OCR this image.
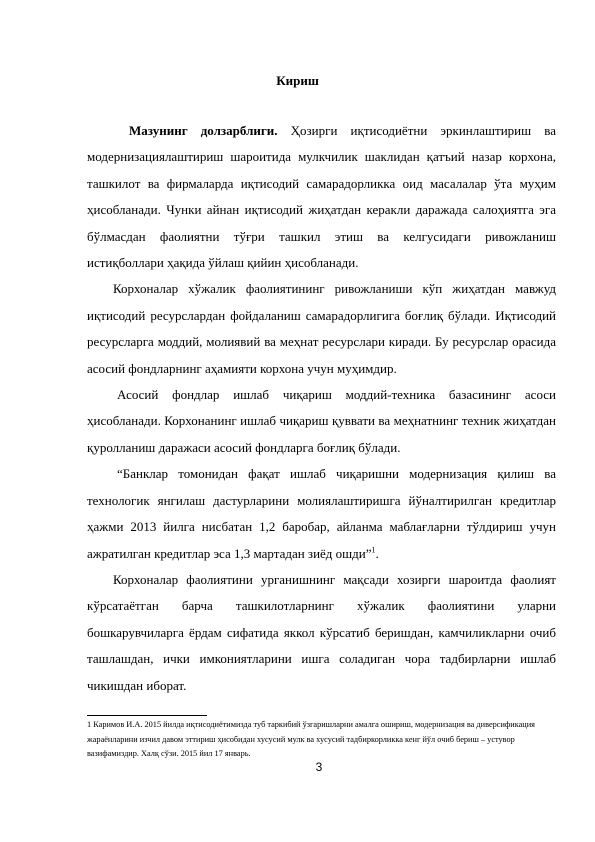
Кириш

Мазунинг долзарблиги. Ҳозирги иқтисодиётни эркинлаштириш ва модернизациялаштириш шароитида мулкчилик шаклидан қатъий назар корхона, ташкилот ва фирмаларда иқтисодий самарадорликка оид масалалар ўта муҳим ҳисобланади. Чунки айнан иқтисодий жиҳатдан керакли даражада салоҳиятга эга бўлмасдан фаолиятни тўғри ташкил этиш ва келгусидаги ривожланиш истиқболлари ҳақида ўйлаш қийин ҳисобланади.

Корхоналар хўжалик фаолиятининг ривожланиши кўп жиҳатдан мавжуд иқтисодий ресурслардан фойдаланиш самарадорлигига боғлиқ бўлади. Иқтисодий ресурсларга моддий, молиявий ва меҳнат ресурслари киради. Бу ресурслар орасида асосий фондларнинг аҳамияти корхона учун муҳимдир.

Асосий фондлар ишлаб чиқариш моддий-техника базасининг асоси ҳисобланади. Корхонанинг ишлаб чиқариш қуввати ва меҳнатнинг техник жиҳатдан қуролланиш даражаси асосий фондларга боғлиқ бўлади.

“Банклар томонидан фақат ишлаб чиқаришни модернизация қилиш ва технологик янгилаш дастурларини молиялаштиришга йўналтирилган кредитлар ҳажми 2013 йилга нисбатан 1,2 баробар, айланма маблағларни тўлдириш учун ажратилган кредитлар эса 1,3 мартадан зиёд ошди”$^1$.

Корхоналар фаолиятини урганишнинг мақсади хозирги шароитда фаолият кўрсатаётган барча ташкилотларнинг хўжалик фаолиятини уларни бошкарувчиларга ёрдам сифатида яккол кўрсатиб беришдан, камчиликларни очиб ташлашдан, ички имкониятларини ишга соладиган чора тадбирларни ишлаб чикишдан иборат.

1 Каримов И.А. 2015 йилда иқтисодиётимизда туб таркибий ўзгаришларни амалга ошириш, модернизация ва диверсификация жараёнларини изчил давом эттириш ҳисобидан хусусий мулк ва хусусий тадбиркорликка кенг йўл очиб бериш – устувор вазифамиздир. Халқ сўзи. 2015 йил 17 январь.
3
